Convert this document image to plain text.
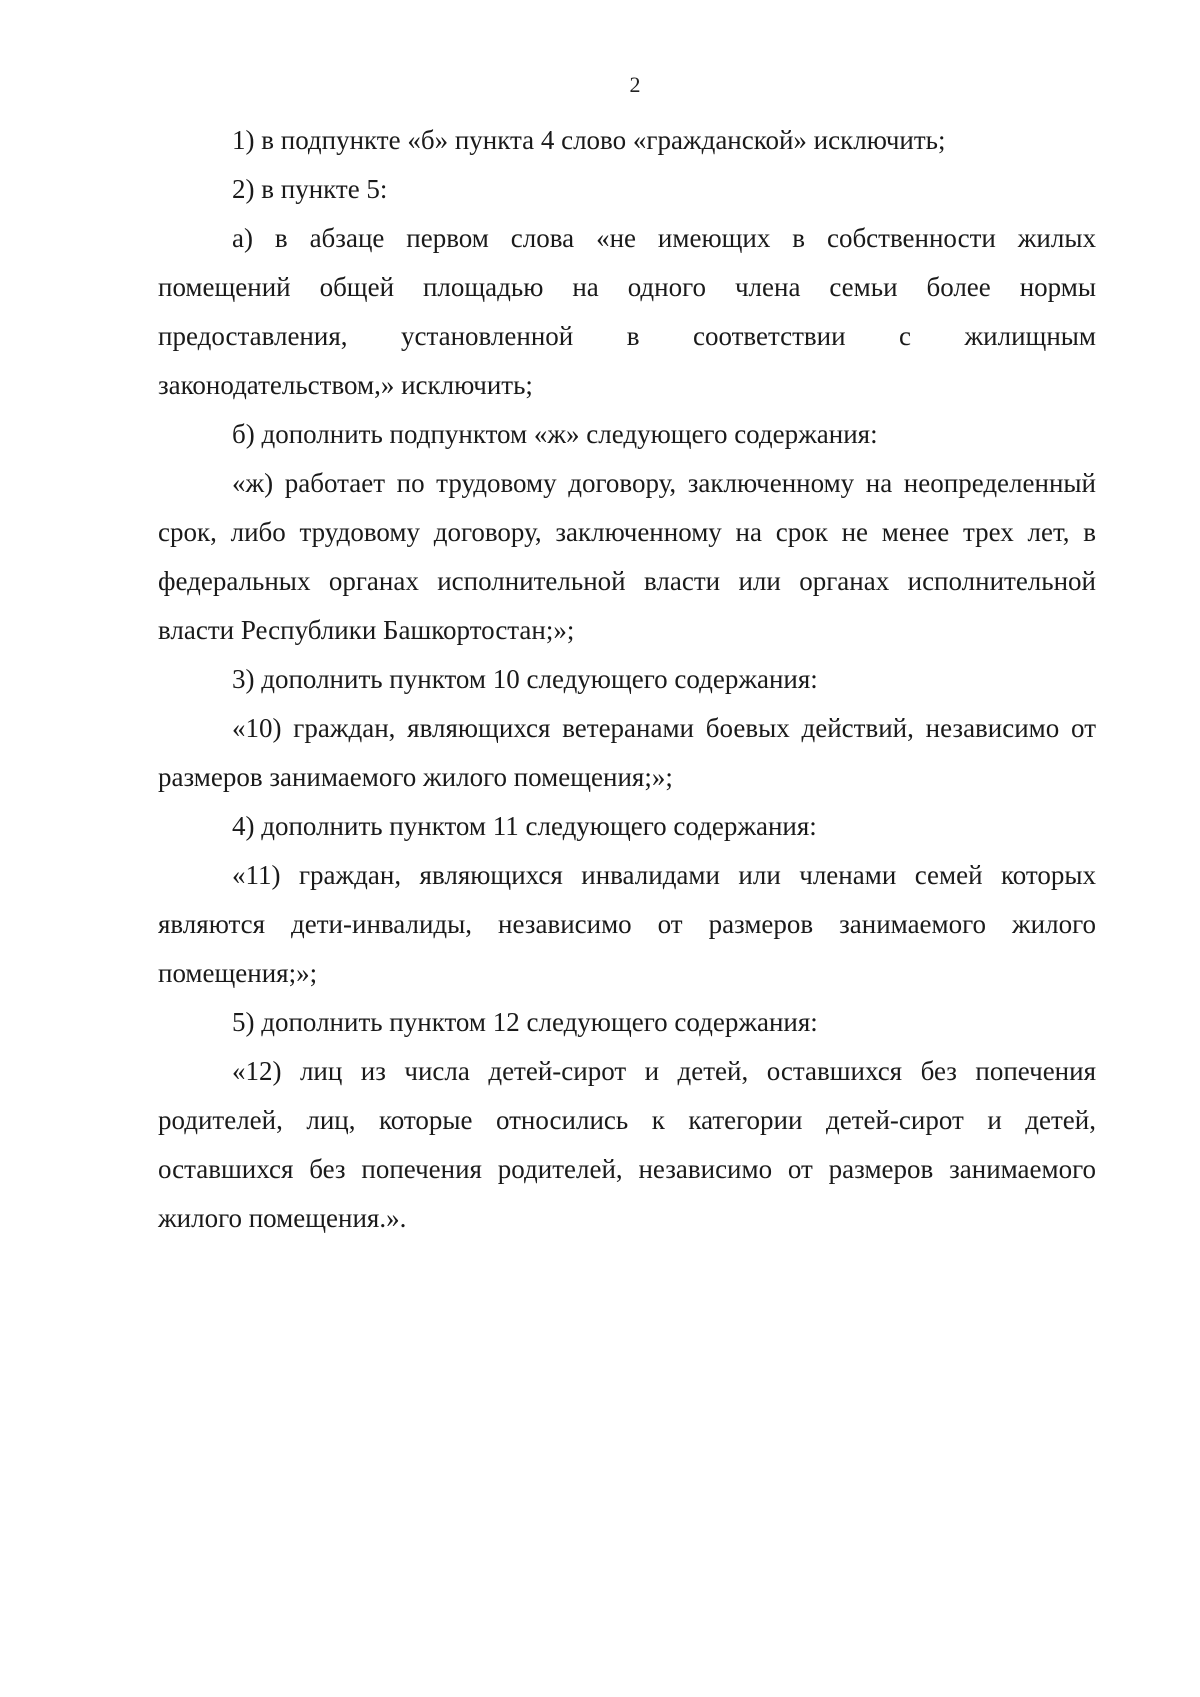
2

1) в подпункте «б» пункта 4 слово «гражданской» исключить;

2) в пункте 5:

а) в абзаце первом слова «не имеющих в собственности жилых помещений общей площадью на одного члена семьи более нормы предоставления, установленной в соответствии с жилищным законодательством,» исключить;

б) дополнить подпунктом «ж» следующего содержания:

«ж) работает по трудовому договору, заключенному на неопределенный срок, либо трудовому договору, заключенному на срок не менее трех лет, в федеральных органах исполнительной власти или органах исполнительной власти Республики Башкортостан;»;

3) дополнить пунктом 10 следующего содержания:

«10) граждан, являющихся ветеранами боевых действий, независимо от размеров занимаемого жилого помещения;»;

4) дополнить пунктом 11 следующего содержания:

«11) граждан, являющихся инвалидами или членами семей которых являются дети-инвалиды, независимо от размеров занимаемого жилого помещения;»;

5) дополнить пунктом 12 следующего содержания:

«12) лиц из числа детей-сирот и детей, оставшихся без попечения родителей, лиц, которые относились к категории детей-сирот и детей, оставшихся без попечения родителей, независимо от размеров занимаемого жилого помещения.».
